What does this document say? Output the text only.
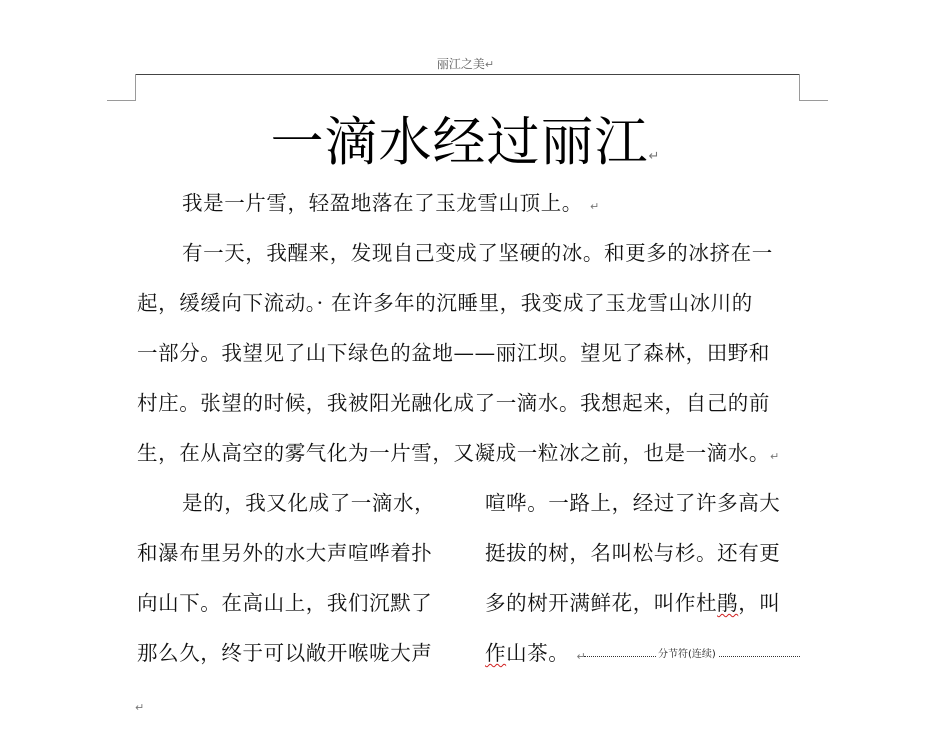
丽江之美↵
一滴水经过丽江↵
我是一片雪，轻盈地落在了玉龙雪山顶上。 ↵
有一天，我醒来，发现自己变成了坚硬的冰。和更多的冰挤在一
起，缓缓向下流动。· 在许多年的沉睡里，我变成了玉龙雪山冰川的
一部分。我望见了山下绿色的盆地——丽江坝。望见了森林，田野和
村庄。张望的时候，我被阳光融化成了一滴水。我想起来，自己的前
生，在从高空的雾气化为一片雪，又凝成一粒冰之前，也是一滴水。↵
是的，我又化成了一滴水，
和瀑布里另外的水大声喧哗着扑
向山下。在高山上，我们沉默了
那么久，终于可以敞开喉咙大声
喧哗。一路上，经过了许多高大
挺拔的树，名叫松与杉。还有更
多的树开满鲜花，叫作杜鹃，叫
作山茶。 ↵	分节符(连续)
↵
